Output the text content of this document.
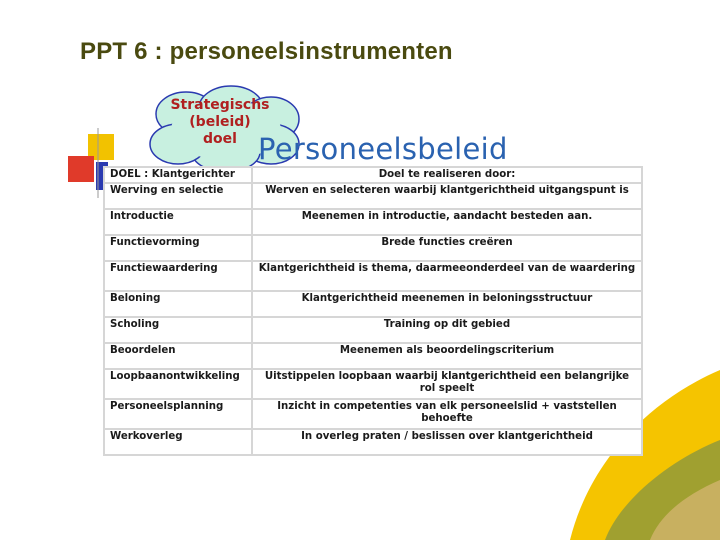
PPT 6 : personeelsinstrumenten
Strategischs
(beleid)
doel Personeelsbeleid
DOEL : Klantgerichter	Doel te realiseren door:
Werving en selectie	Werven en selecteren waarbij klantgerichtheid uitgangspunt is
Introductie	Meenemen in introductie, aandacht besteden aan.
Functievorming	Brede functies creëren
Functiewaardering	Klantgerichtheid is thema, daarmeeonderdeel van de waardering
Beloning	Klantgerichtheid meenemen in beloningsstructuur
Scholing	Training op dit gebied
Beoordelen	Meenemen als beoordelingscriterium
Loopbaanontwikkeling	Uitstippelen loopbaan waarbij klantgerichtheid een belangrijke rol speelt
Personeelsplanning	Inzicht in competenties van elk personeelslid + vaststellen behoefte
Werkoverleg	In overleg praten / beslissen over klantgerichtheid
